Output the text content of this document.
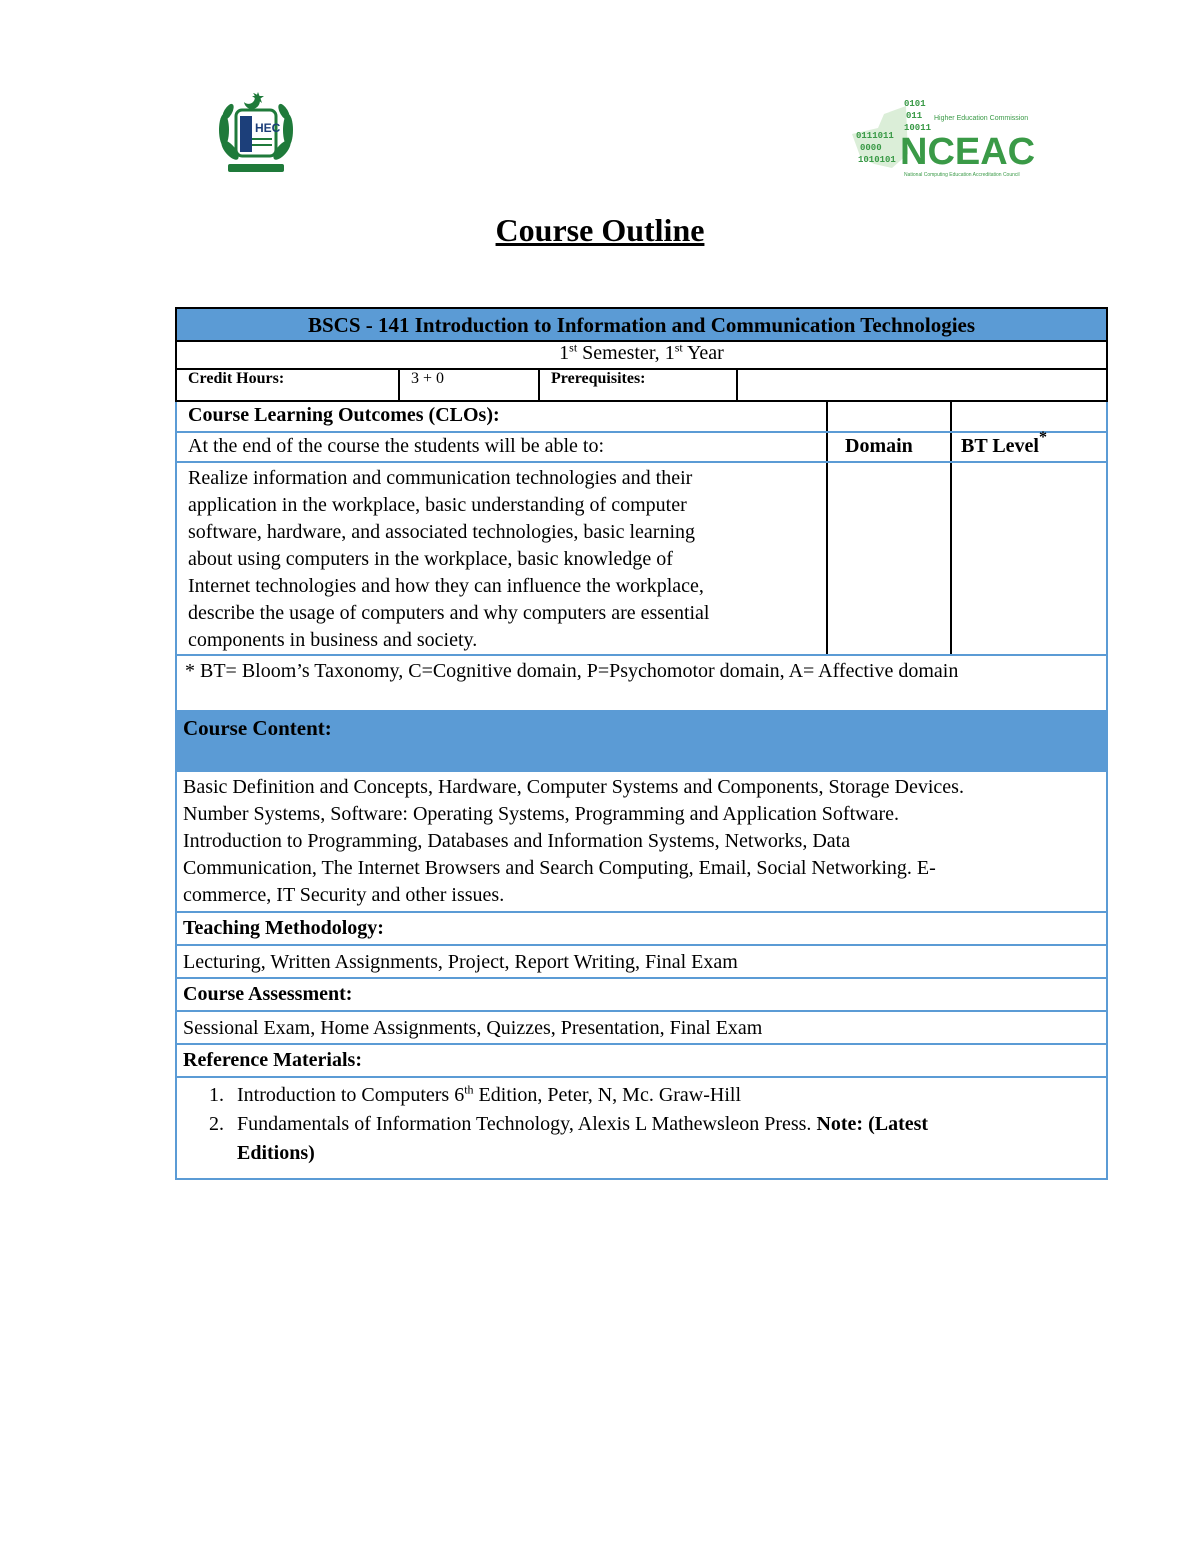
HEC
0101
011
10011
0111011
0000
1010101
Higher Education Commission
NCEAC
National Computing Education Accreditation Council
Course Outline
BSCS - 141 Introduction to Information and Communication Technologies
1st Semester, 1st Year
Credit Hours:	3 + 0	Prerequisites:
Course Learning Outcomes (CLOs):
At the end of the course the students will be able to:	Domain	BT Level*
Realize information and communication technologies and their
application in the workplace, basic understanding of computer
software, hardware, and associated technologies, basic learning
about using computers in the workplace, basic knowledge of
Internet technologies and how they can influence the workplace,
describe the usage of computers and why computers are essential
components in business and society.
* BT= Bloom’s Taxonomy, C=Cognitive domain, P=Psychomotor domain, A= Affective domain
Course Content:
Basic Definition and Concepts, Hardware, Computer Systems and Components, Storage Devices.
Number Systems, Software: Operating Systems, Programming and Application Software.
Introduction to Programming, Databases and Information Systems, Networks, Data
Communication, The Internet Browsers and Search Computing, Email, Social Networking. E-
commerce, IT Security and other issues.
Teaching Methodology:
Lecturing, Written Assignments, Project, Report Writing, Final Exam
Course Assessment:
Sessional Exam, Home Assignments, Quizzes, Presentation, Final Exam
Reference Materials:
1. Introduction to Computers 6th Edition, Peter, N, Mc. Graw-Hill
2. Fundamentals of Information Technology, Alexis L Mathewsleon Press. Note: (Latest
Editions)
